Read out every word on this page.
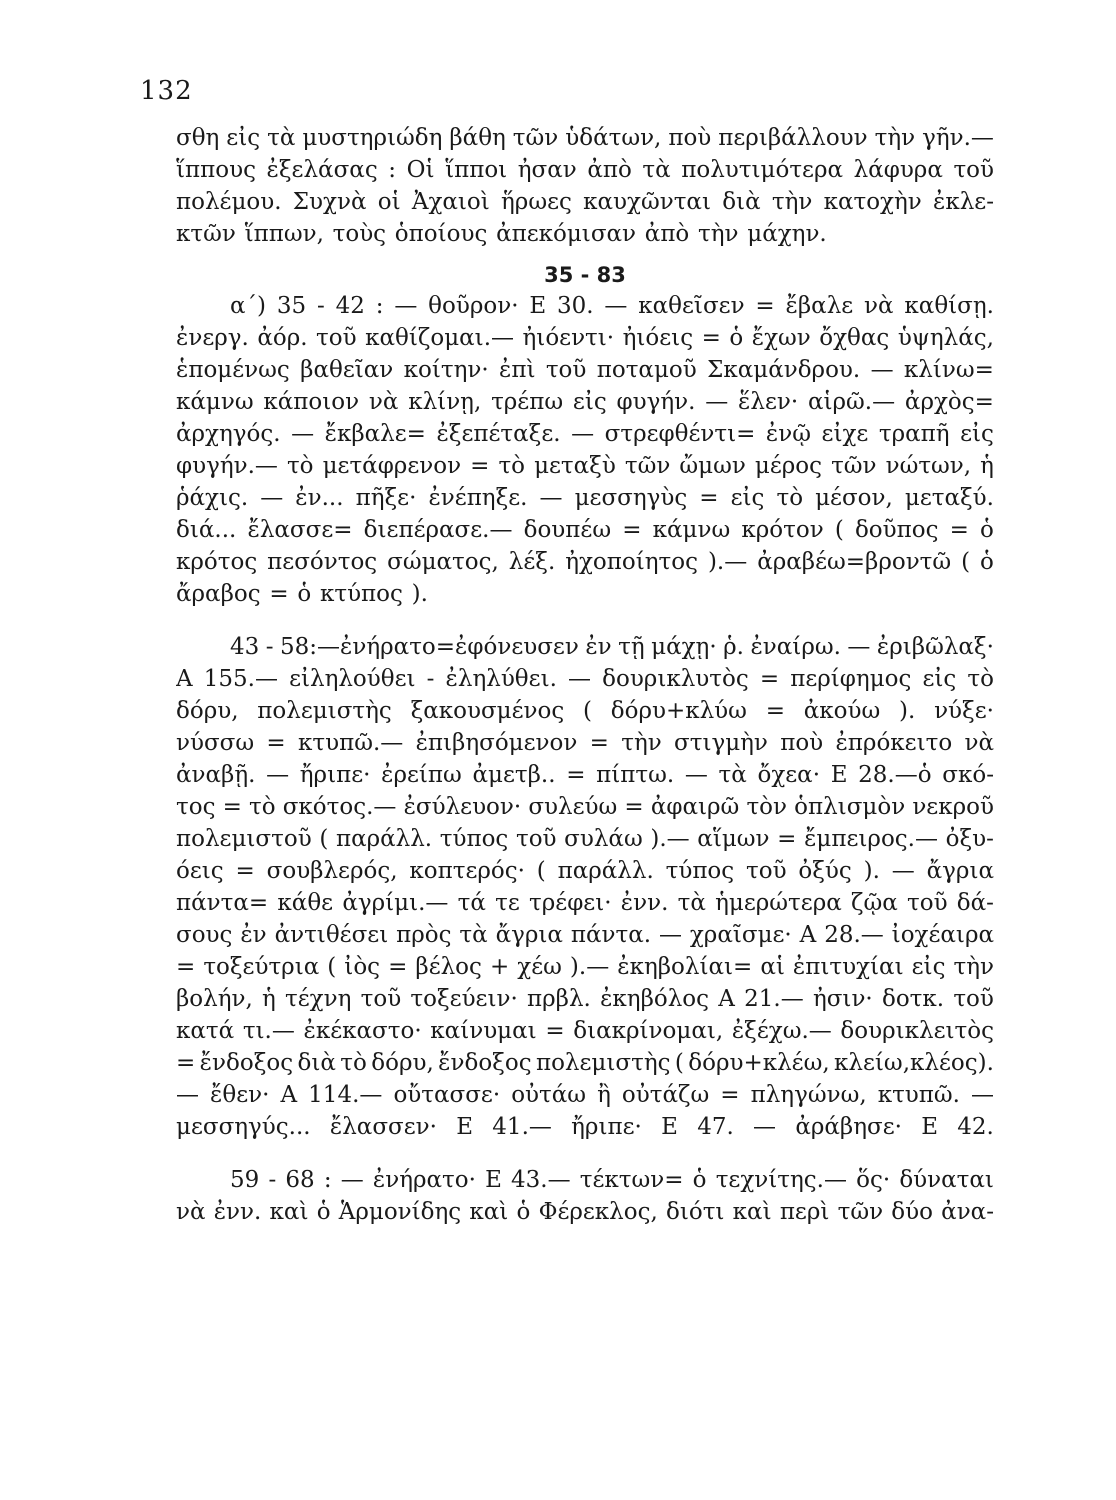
132
σθη εἰς τὰ μυστηριώδη βάθη τῶν ὑδάτων, ποὺ περιβάλλουν τὴν γῆν.—
ἵππους ἐξελάσας : Οἱ ἵπποι ἦσαν ἀπὸ τὰ πολυτιμότερα λάφυρα τοῦ
πολέμου. Συχνὰ οἱ Ἀχαιοὶ ἥρωες καυχῶνται διὰ τὴν κατοχὴν ἐκλε-
κτῶν ἵππων, τοὺς ὁποίους ἀπεκόμισαν ἀπὸ τὴν μάχην.
35 - 83
α΄) 35 - 42 : — θοῦρον· Ε 30. — καθεῖσεν = ἔβαλε νὰ καθίσῃ.
ἐνεργ. ἀόρ. τοῦ καθίζομαι.— ἠιόεντι· ἠιόεις = ὁ ἔχων ὄχθας ὑψηλάς,
ἑπομένως βαθεῖαν κοίτην· ἐπὶ τοῦ ποταμοῦ Σκαμάνδρου. — κλίνω=
κάμνω κάποιον νὰ κλίνῃ, τρέπω εἰς φυγήν. — ἕλεν· αἱρῶ.— ἀρχὸς=
ἀρχηγός. — ἔκβαλε= ἐξεπέταξε. — στρεφθέντι= ἐνῷ εἶχε τραπῆ εἰς
φυγήν.— τὸ μετάφρενον = τὸ μεταξὺ τῶν ὤμων μέρος τῶν νώτων, ἡ
ῥάχις. — ἐν... πῆξε· ἐνέπηξε. — μεσσηγὺς = εἰς τὸ μέσον, μεταξύ.
διά... ἔλασσε= διεπέρασε.— δουπέω = κάμνω κρότον ( δοῦπος = ὁ
κρότος πεσόντος σώματος, λέξ. ἠχοποίητος ).— ἀραβέω=βροντῶ ( ὁ
ἄραβος = ὁ κτύπος ).
43 - 58:—ἐνήρατο=ἐφόνευσεν ἐν τῇ μάχῃ· ῥ. ἐναίρω. — ἐριβῶλαξ·
Α 155.— εἰληλούθει - ἐληλύθει. — δουρικλυτὸς = περίφημος εἰς τὸ
δόρυ, πολεμιστὴς ξακουσμένος ( δόρυ+κλύω = ἀκούω ). νύξε·
νύσσω = κτυπῶ.— ἐπιβησόμενον = τὴν στιγμὴν ποὺ ἐπρόκειτο νὰ
ἀναβῇ. — ἤριπε· ἐρείπω ἀμετβ.. = πίπτω. — τὰ ὄχεα· Ε 28.—ὁ σκό-
τος = τὸ σκότος.— ἐσύλευον· συλεύω = ἀφαιρῶ τὸν ὁπλισμὸν νεκροῦ
πολεμιστοῦ ( παράλλ. τύπος τοῦ συλάω ).— αἵμων = ἔμπειρος.— ὀξυ-
όεις = σουβλερός, κοπτερός· ( παράλλ. τύπος τοῦ ὀξύς ). — ἄγρια
πάντα= κάθε ἀγρίμι.— τά τε τρέφει· ἐνν. τὰ ἡμερώτερα ζῷα τοῦ δά-
σους ἐν ἀντιθέσει πρὸς τὰ ἄγρια πάντα. — χραῖσμε· Α 28.— ἰοχέαιρα
= τοξεύτρια ( ἰὸς = βέλος + χέω ).— ἐκηβολίαι= αἱ ἐπιτυχίαι εἰς τὴν
βολήν, ἡ τέχνη τοῦ τοξεύειν· πρβλ. ἐκηβόλος Α 21.— ἦσιν· δοτκ. τοῦ
κατά τι.— ἐκέκαστο· καίνυμαι = διακρίνομαι, ἐξέχω.— δουρικλειτὸς
= ἔνδοξος διὰ τὸ δόρυ, ἔνδοξος πολεμιστὴς ( δόρυ+κλέω, κλείω,κλέος).
— ἔθεν· Α 114.— οὔτασσε· οὐτάω ἢ οὐτάζω = πληγώνω, κτυπῶ. —
μεσσηγύς... ἔλασσεν· Ε 41.— ἤριπε· Ε 47. — ἀράβησε· Ε 42.
59 - 68 : — ἐνήρατο· Ε 43.— τέκτων= ὁ τεχνίτης.— ὅς· δύναται
νὰ ἐνν. καὶ ὁ Ἁρμονίδης καὶ ὁ Φέρεκλος, διότι καὶ περὶ τῶν δύο ἀνα-
